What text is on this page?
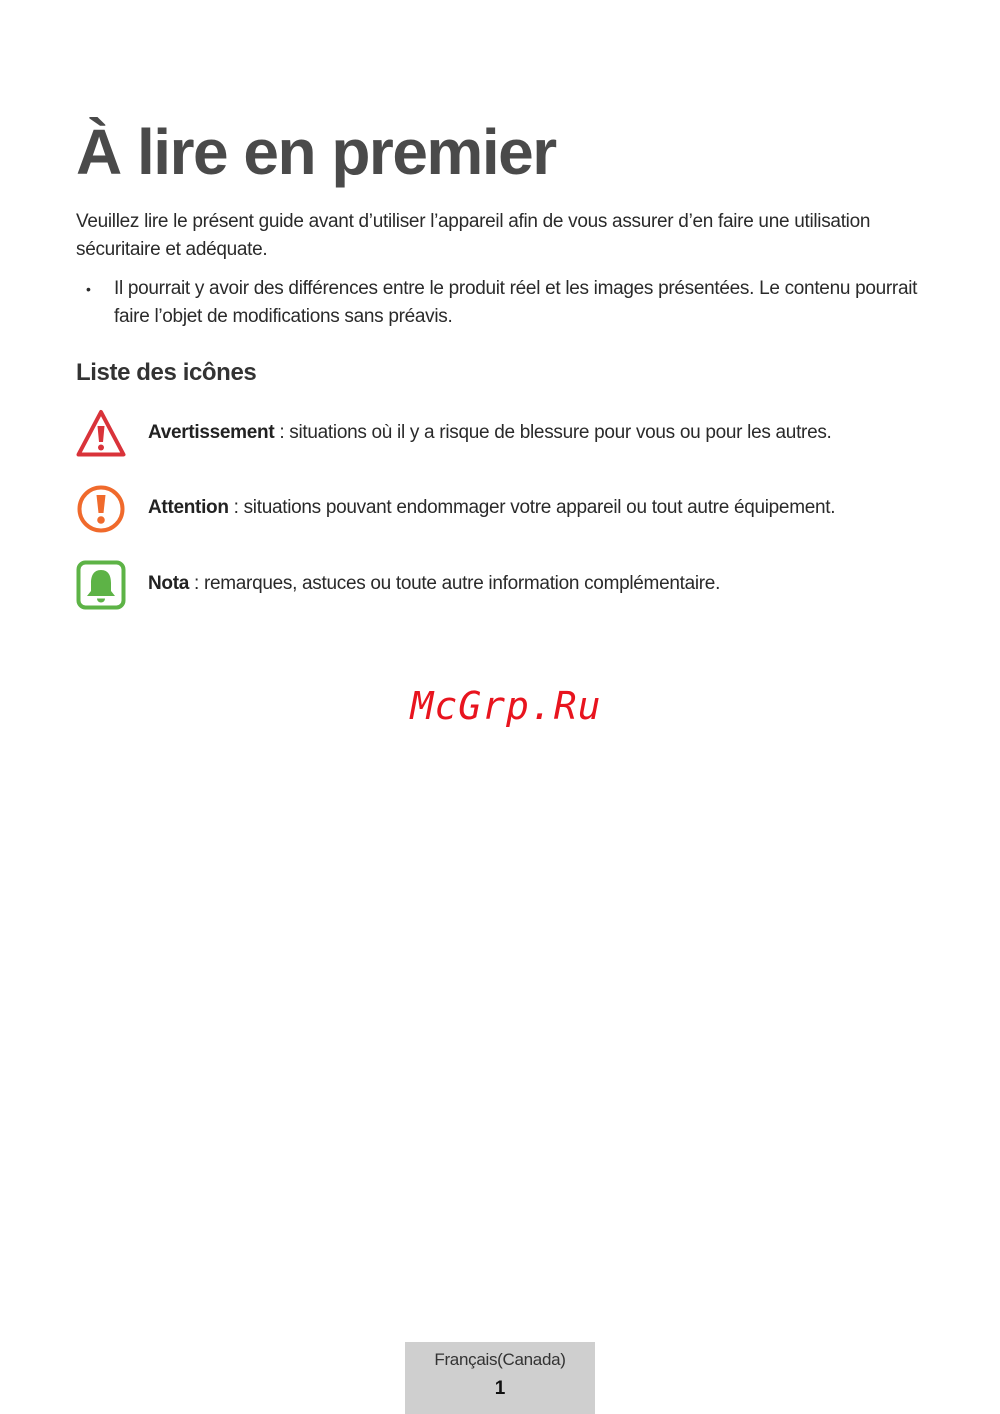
À lire en premier

Veuillez lire le présent guide avant d’utiliser l’appareil afin de vous assurer d’en faire une utilisation sécuritaire et adéquate.

• Il pourrait y avoir des différences entre le produit réel et les images présentées. Le contenu pourrait faire l’objet de modifications sans préavis.
Liste des icônes
Avertissement : situations où il y a risque de blessure pour vous ou pour les autres.
Attention : situations pouvant endommager votre appareil ou tout autre équipement.
Nota : remarques, astuces ou toute autre information complémentaire.
McGrp.Ru
Français(Canada)
1
